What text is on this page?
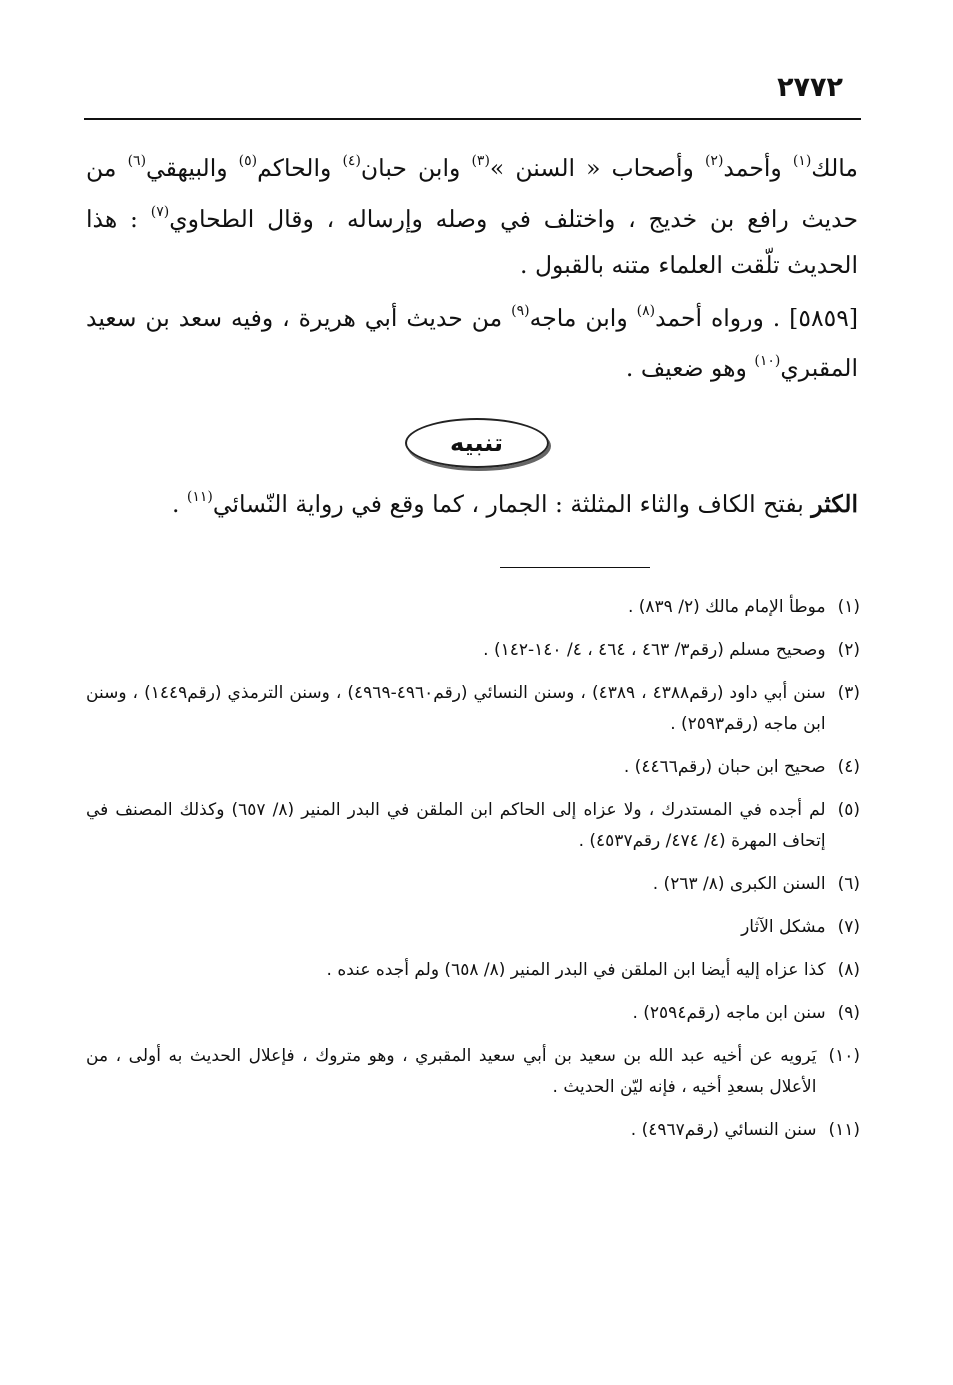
٢٧٧٢

مالك$^{(١)}$ وأحمد$^{(٢)}$ وأصحاب « السنن »$^{(٣)}$ وابن حبان$^{(٤)}$ والحاكم$^{(٥)}$ والبيهقي$^{(٦)}$ من حديث رافع بن خديج ، واختلف في وصله وإرساله ، وقال الطحاوي$^{(٧)}$ : هذا الحديث تلّقت العلماء متنه بالقبول .

[٥٨٥٩] . ورواه أحمد$^{(٨)}$ وابن ماجه$^{(٩)}$ من حديث أبي هريرة ، وفيه سعد بن سعيد المقبري$^{(١٠)}$ وهو ضعيف .

تنبيه
الكثر بفتح الكاف والثاء المثلثة : الجمار ، كما وقع في رواية النّسائي$^{(١١)}$ .
(١)
موطأ الإمام مالك (٢/ ٨٣٩) .
(٢)
وصحيح مسلم (رقم٣/ ٤٦٣ ، ٤٦٤ ، ٤/ ١٤٠-١٤٢) .
(٣)
سنن أبي داود (رقم٤٣٨٨ ، ٤٣٨٩) ، وسنن النسائي (رقم٤٩٦٠-٤٩٦٩) ، وسنن الترمذي (رقم١٤٤٩) ، وسنن ابن ماجه (رقم٢٥٩٣) .
(٤)
صحيح ابن حبان (رقم٤٤٦٦) .
(٥)
لم أجده في المستدرك ، ولا عزاه إلى الحاكم ابن الملقن في البدر المنير (٨/ ٦٥٧) وكذلك المصنف في إتحاف المهرة (٤/ ٤٧٤/ رقم٤٥٣٧) .
(٦)
السنن الكبرى (٨/ ٢٦٣) .
(٧)
مشكل الآثار
(٨)
كذا عزاه إليه أيضا ابن الملقن في البدر المنير (٨/ ٦٥٨) ولم أجده عنده .
(٩)
سنن ابن ماجه (رقم٢٥٩٤) .
(١٠)
يَرويه عن أخيه عبد الله بن سعيد بن أبي سعيد المقبري ، وهو متروك ، فإعلال الحديث به أولى ، من الأعلال بسعدِ أخيه ، فإنه ليّن الحديث .
(١١)
سنن النسائي (رقم٤٩٦٧) .
